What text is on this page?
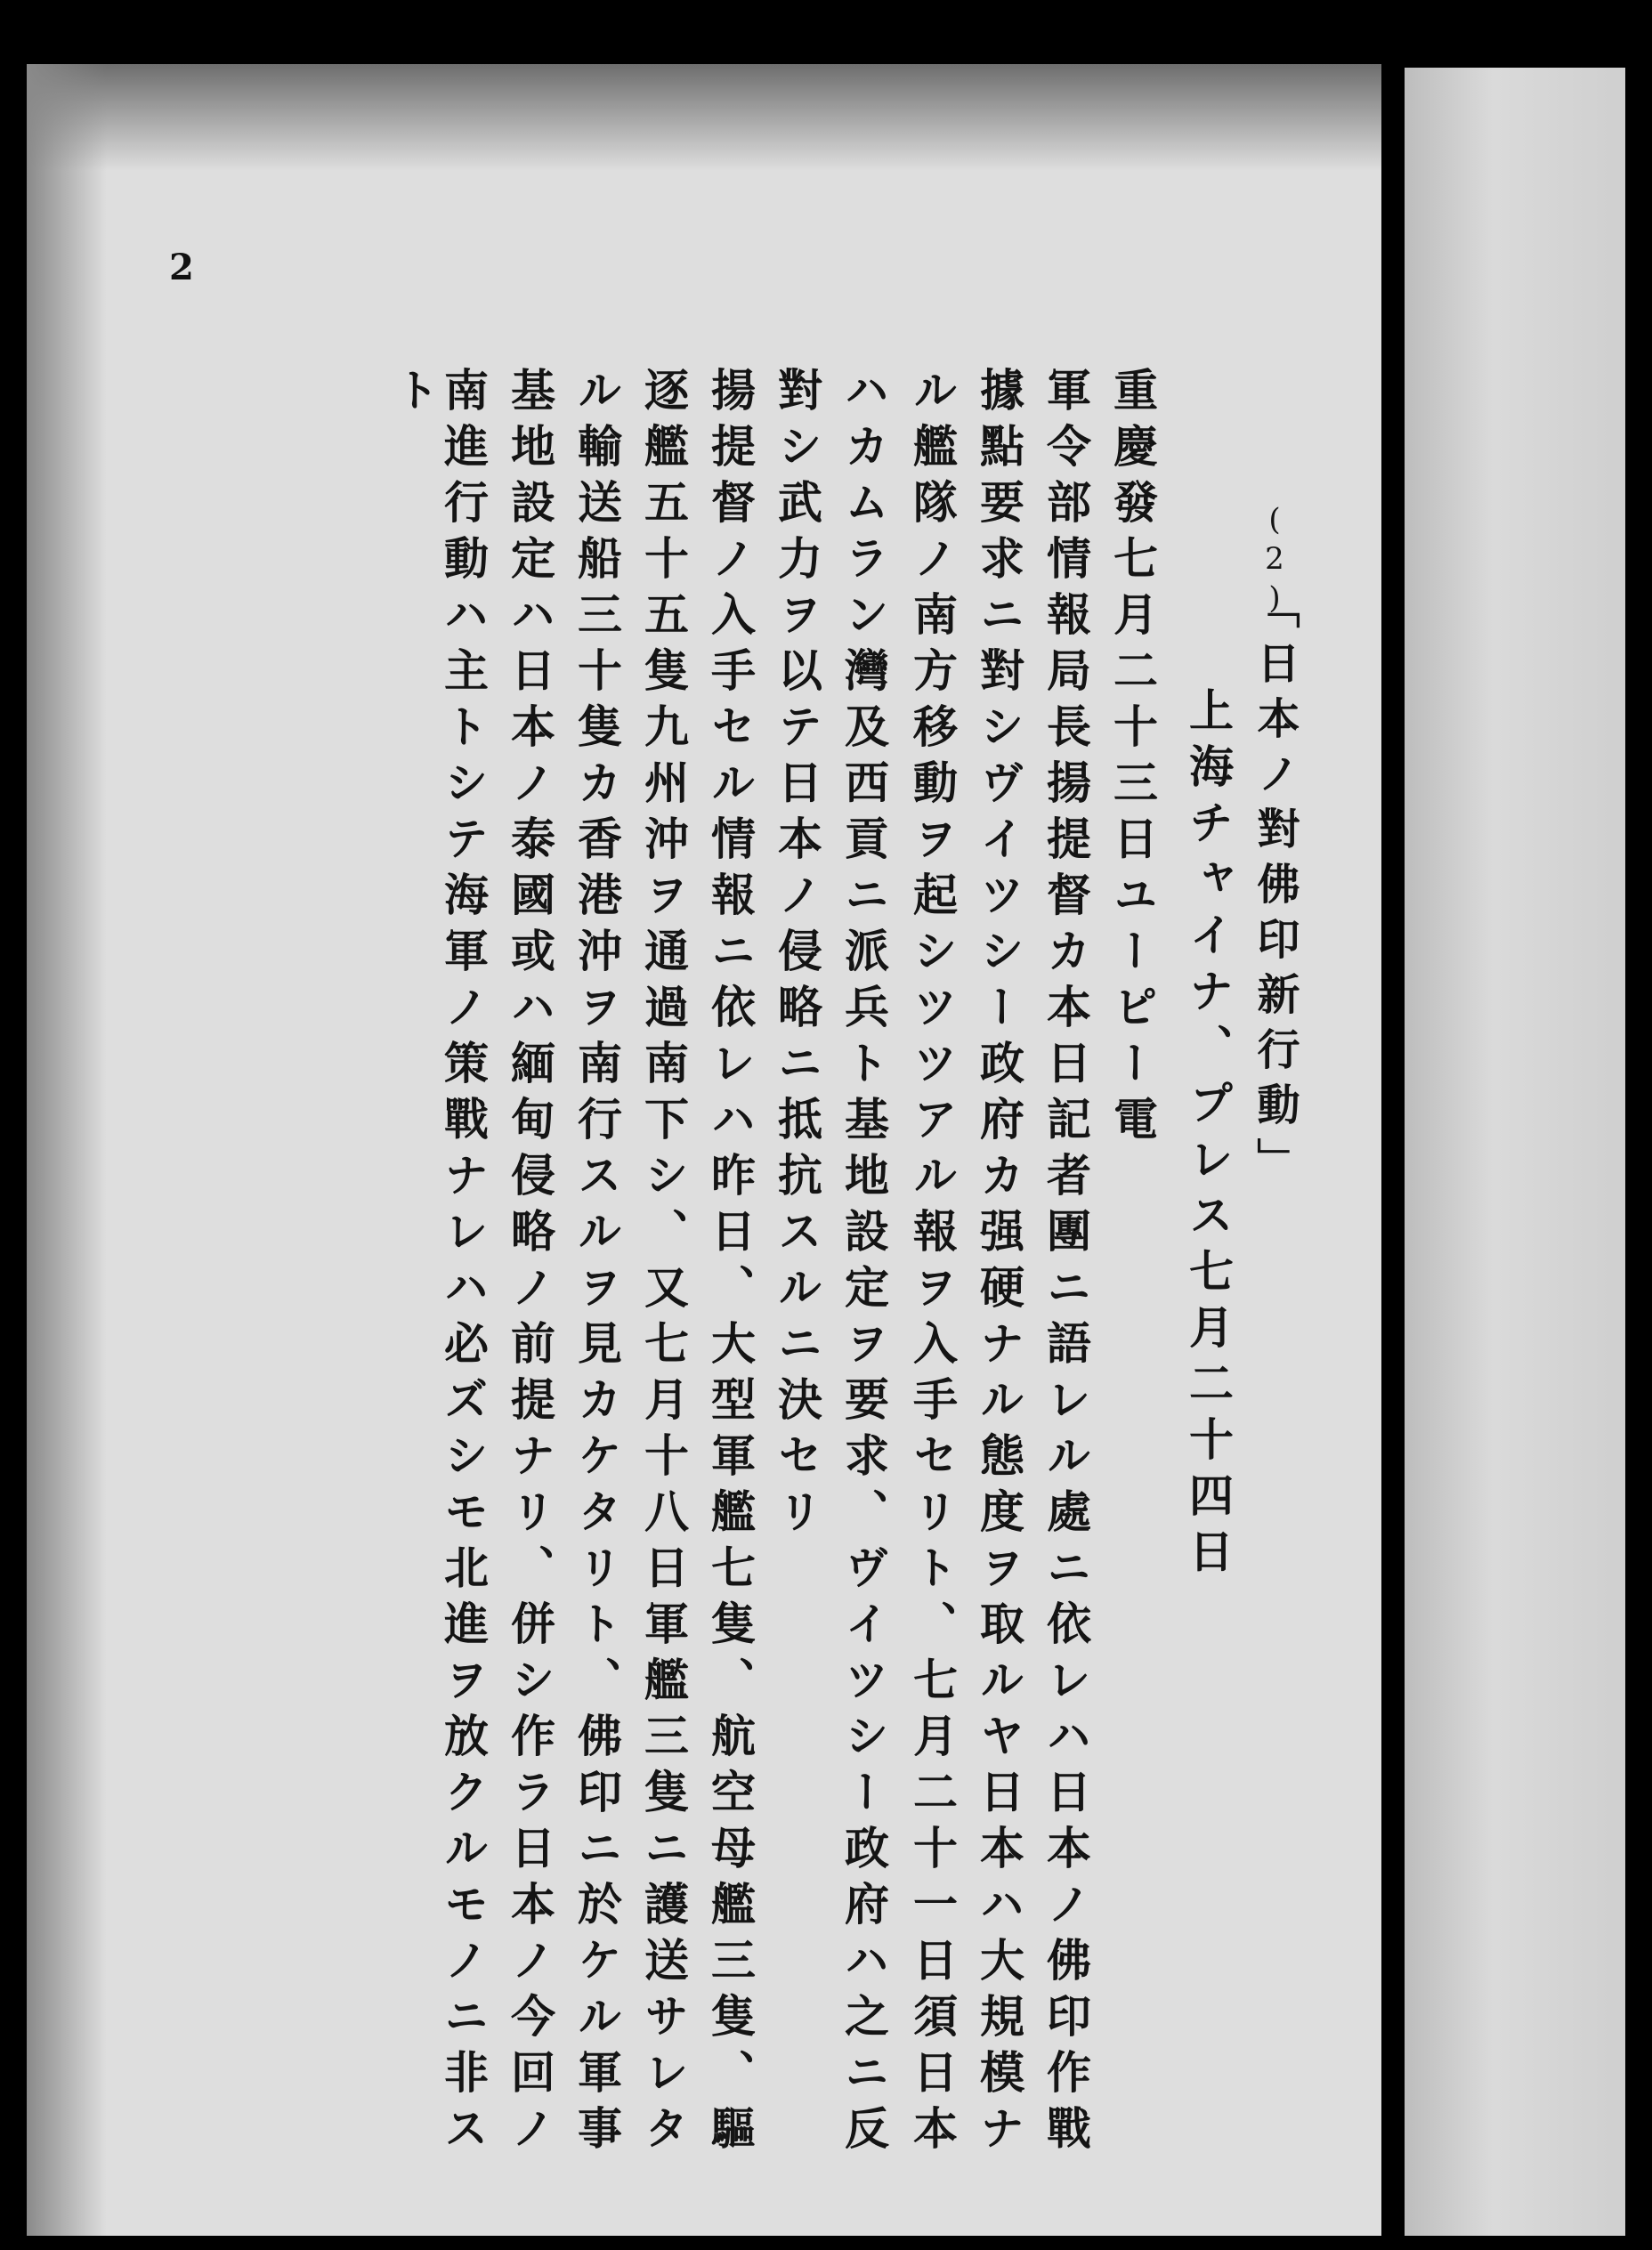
2
(2)
「日本ノ對佛印新行動」
上海チャイナ、プレス七月二十四日
重慶發七月二十三日ユーピー電
軍令部情報局長揚提督カ本日記者團ニ語レル處ニ依レハ日本ノ佛印作戰
據點要求ニ對シヴイツシー政府カ强硬ナル態度ヲ取ルヤ日本ハ大規模ナ
ル艦隊ノ南方移動ヲ起シツツアル報ヲ入手セリト、七月二十一日須日本
ハカムラン灣及西貢ニ派兵ト基地設定ヲ要求、ヴイツシー政府ハ之ニ反
對シ武力ヲ以テ日本ノ侵略ニ抵抗スルニ決セリ
揚提督ノ入手セル情報ニ依レハ昨日、大型軍艦七隻、航空母艦三隻、驅
逐艦五十五隻九州沖ヲ通過南下シ、又七月十八日軍艦三隻ニ護送サレタ
ル輸送船三十隻カ香港沖ヲ南行スルヲ見カケタリト、佛印ニ於ケル軍事
基地設定ハ日本ノ泰國或ハ緬甸侵略ノ前提ナリ、併シ作ラ日本ノ今回ノ
南進行動ハ主トシテ海軍ノ策戰ナレハ必ズシモ北進ヲ放クルモノニ非ス
ト
